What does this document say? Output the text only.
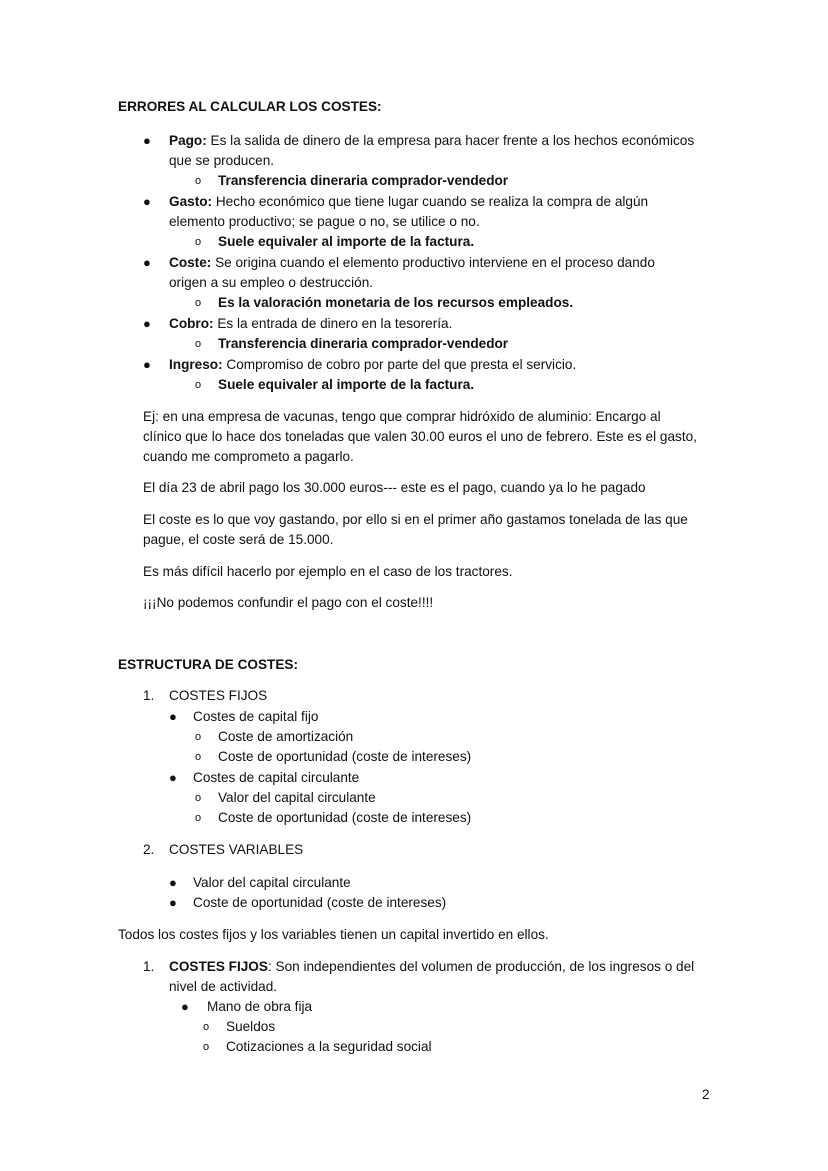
ERRORES AL CALCULAR LOS COSTES:
● Pago: Es la salida de dinero de la empresa para hacer frente a los hechos económicos
que se producen.
o Transferencia dineraria comprador-vendedor
● Gasto: Hecho económico que tiene lugar cuando se realiza la compra de algún
elemento productivo; se pague o no, se utilice o no.
o Suele equivaler al importe de la factura.
● Coste: Se origina cuando el elemento productivo interviene en el proceso dando
origen a su empleo o destrucción.
o Es la valoración monetaria de los recursos empleados.
● Cobro: Es la entrada de dinero en la tesorería.
o Transferencia dineraria comprador-vendedor
● Ingreso: Compromiso de cobro por parte del que presta el servicio.
o Suele equivaler al importe de la factura.
Ej: en una empresa de vacunas, tengo que comprar hidróxido de aluminio: Encargo al
clínico que lo hace dos toneladas que valen 30.00 euros el uno de febrero. Este es el gasto,
cuando me comprometo a pagarlo.
El día 23 de abril pago los 30.000 euros--- este es el pago, cuando ya lo he pagado
El coste es lo que voy gastando, por ello si en el primer año gastamos tonelada de las que
pague, el coste será de 15.000.
Es más difícil hacerlo por ejemplo en el caso de los tractores.
¡¡¡No podemos confundir el pago con el coste!!!!
ESTRUCTURA DE COSTES:
1. COSTES FIJOS
● Costes de capital fijo
o Coste de amortización
o Coste de oportunidad (coste de intereses)
● Costes de capital circulante
o Valor del capital circulante
o Coste de oportunidad (coste de intereses)
2. COSTES VARIABLES
● Valor del capital circulante
● Coste de oportunidad (coste de intereses)
Todos los costes fijos y los variables tienen un capital invertido en ellos.
1. COSTES FIJOS: Son independientes del volumen de producción, de los ingresos o del
nivel de actividad.
● Mano de obra fija
o Sueldos
o Cotizaciones a la seguridad social
2
